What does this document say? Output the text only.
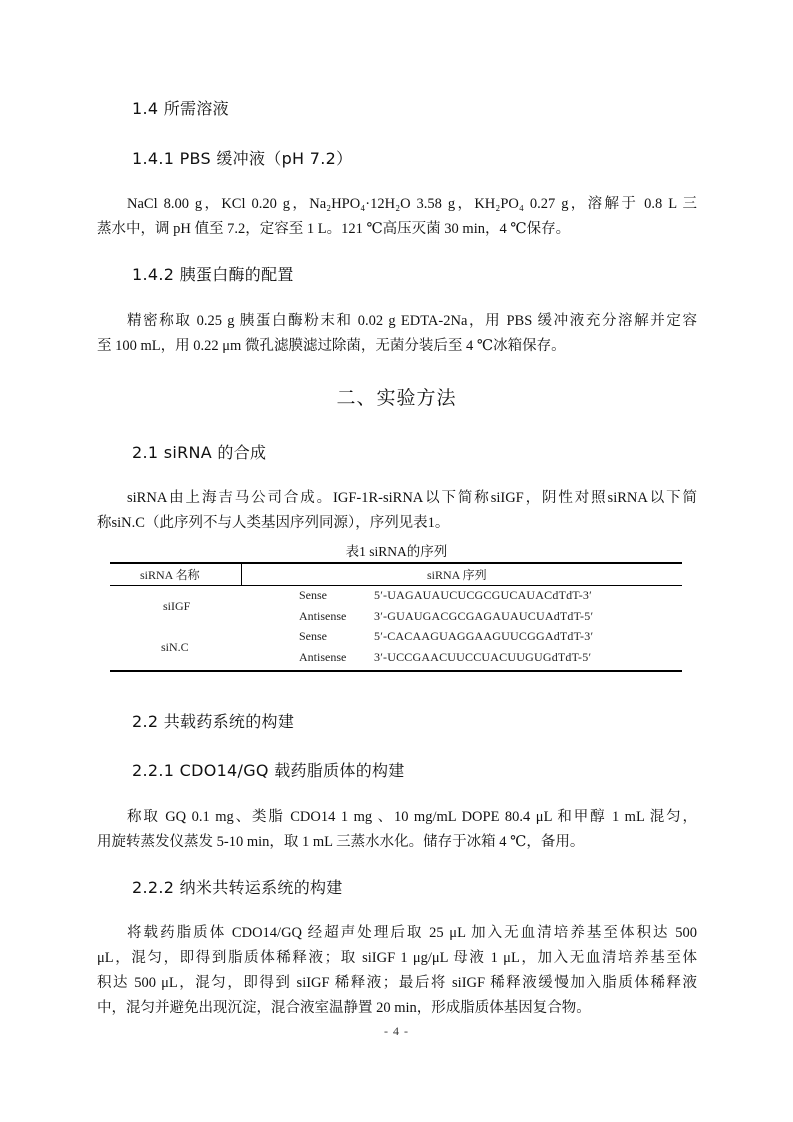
1.4 所需溶液
1.4.1 PBS 缓冲液（pH 7.2）

NaCl 8.00 g，KCl 0.20 g，Na₂HPO₄·12H₂O 3.58 g，KH₂PO₄ 0.27 g，溶解于 0.8 L 三

蒸水中，调 pH 值至 7.2，定容至 1 L。121 ℃高压灭菌 30 min，4 ℃保存。

1.4.2 胰蛋白酶的配置

精密称取 0.25 g 胰蛋白酶粉末和 0.02 g EDTA-2Na，用 PBS 缓冲液充分溶解并定容

至 100 mL，用 0.22 μm 微孔滤膜滤过除菌，无菌分装后至 4 ℃冰箱保存。

二、实验方法
2.1 siRNA 的合成

siRNA由上海吉马公司合成。IGF-1R-siRNA以下简称siIGF，阴性对照siRNA以下简

称siN.C（此序列不与人类基因序列同源），序列见表1。

表1 siRNA的序列
siRNA 名称	siRNA 序列
siIGF
Sense	5′-UAGAUAUCUCGCGUCAUACdTdT-3′
Antisense 3′-GUAUGACGCGAGAUAUCUAdTdT-5′
siN.C
Sense	5′-CACAAGUAGGAAGUUCGGAdTdT-3′
Antisense 3′-UCCGAACUUCCUACUUGUGdTdT-5′
2.2 共载药系统的构建
2.2.1 CDO14/GQ 载药脂质体的构建

称取 GQ 0.1 mg、类脂 CDO14 1 mg 、10 mg/mL DOPE 80.4 μL 和甲醇 1 mL 混匀，

用旋转蒸发仪蒸发 5-10 min，取 1 mL 三蒸水水化。储存于冰箱 4 ℃，备用。

2.2.2 纳米共转运系统的构建

将载药脂质体 CDO14/GQ 经超声处理后取 25 μL 加入无血清培养基至体积达 500

μL，混匀，即得到脂质体稀释液；取 siIGF 1 μg/μL 母液 1 μL，加入无血清培养基至体

积达 500 μL，混匀，即得到 siIGF 稀释液；最后将 siIGF 稀释液缓慢加入脂质体稀释液

中，混匀并避免出现沉淀，混合液室温静置 20 min，形成脂质体基因复合物。

- 4 -
